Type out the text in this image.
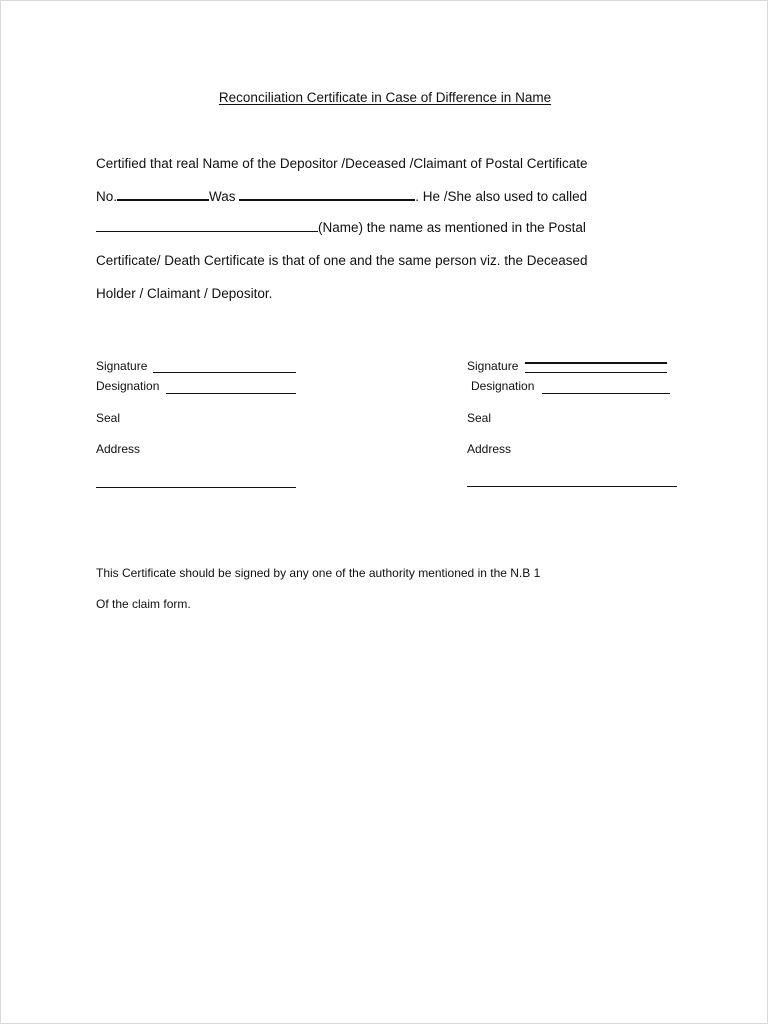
Reconciliation Certificate in Case of Difference in Name
Certified that real Name of the Depositor /Deceased /Claimant of Postal Certificate
No.	Was	. He /She also used to called
(Name) the name as mentioned in the Postal
Certificate/ Death Certificate is that of one and the same person viz. the Deceased
Holder / Claimant / Depositor.
Signature
Designation
Seal
Address
Signature
Designation
Seal
Address
This Certificate should be signed by any one of the authority mentioned in the N.B 1
Of the claim form.
